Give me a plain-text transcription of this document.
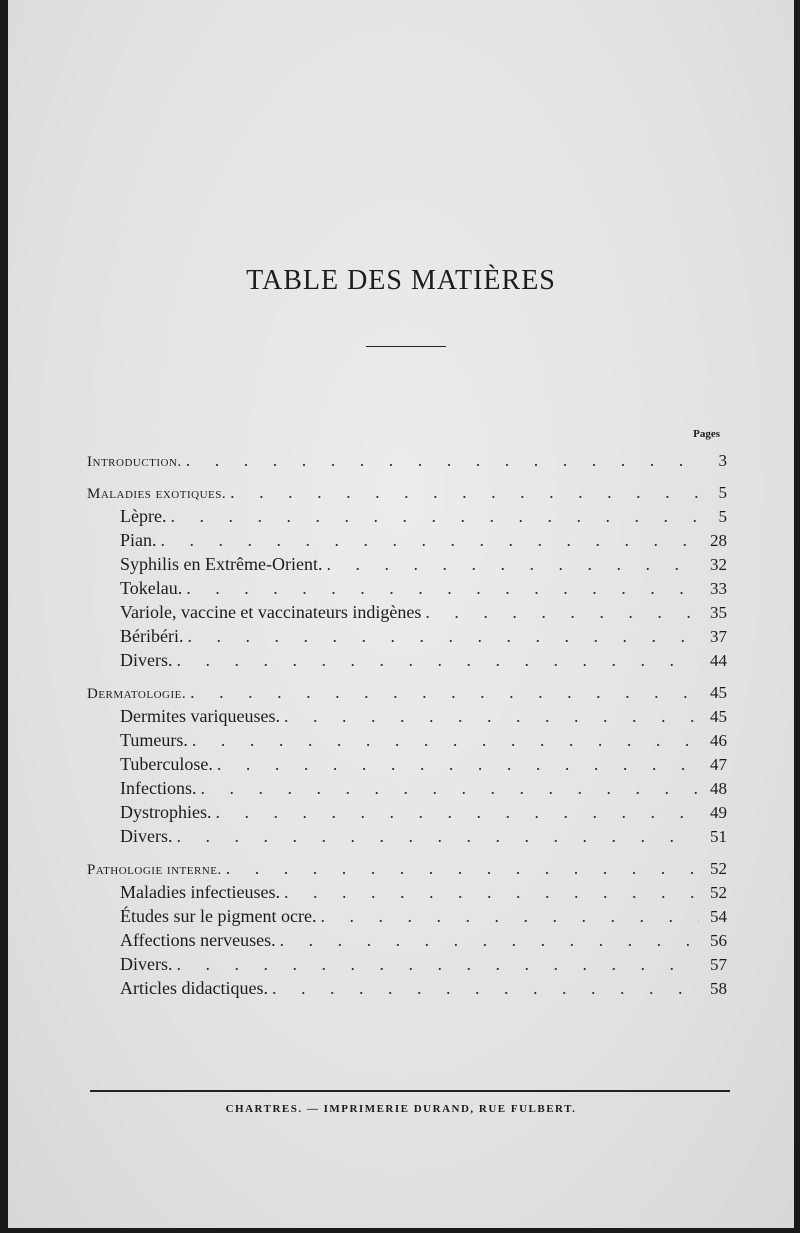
TABLE DES MATIÈRES
Pages
Introduction. . . .	3
Maladies exotiques. . . .	5
Lèpre. . . .	5
Pian. . . .	28
Syphilis en Extrême-Orient. . . .	32
Tokelau. . . .	33
Variole, vaccine et vaccinateurs indigènes . . .	35
Béribéri. . . .	37
Divers. . . .	44
Dermatologie. . . .	45
Dermites variqueuses. . . .	45
Tumeurs. . . .	46
Tuberculose. . . .	47
Infections. . . .	48
Dystrophies. . . .	49
Divers. . . .	51
Pathologie interne. . . .	52
Maladies infectieuses. . . .	52
Études sur le pigment ocre. . . .	54
Affections nerveuses. . . .	56
Divers. . . .	57
Articles didactiques. . . .	58
CHARTRES. — IMPRIMERIE DURAND, RUE FULBERT.
